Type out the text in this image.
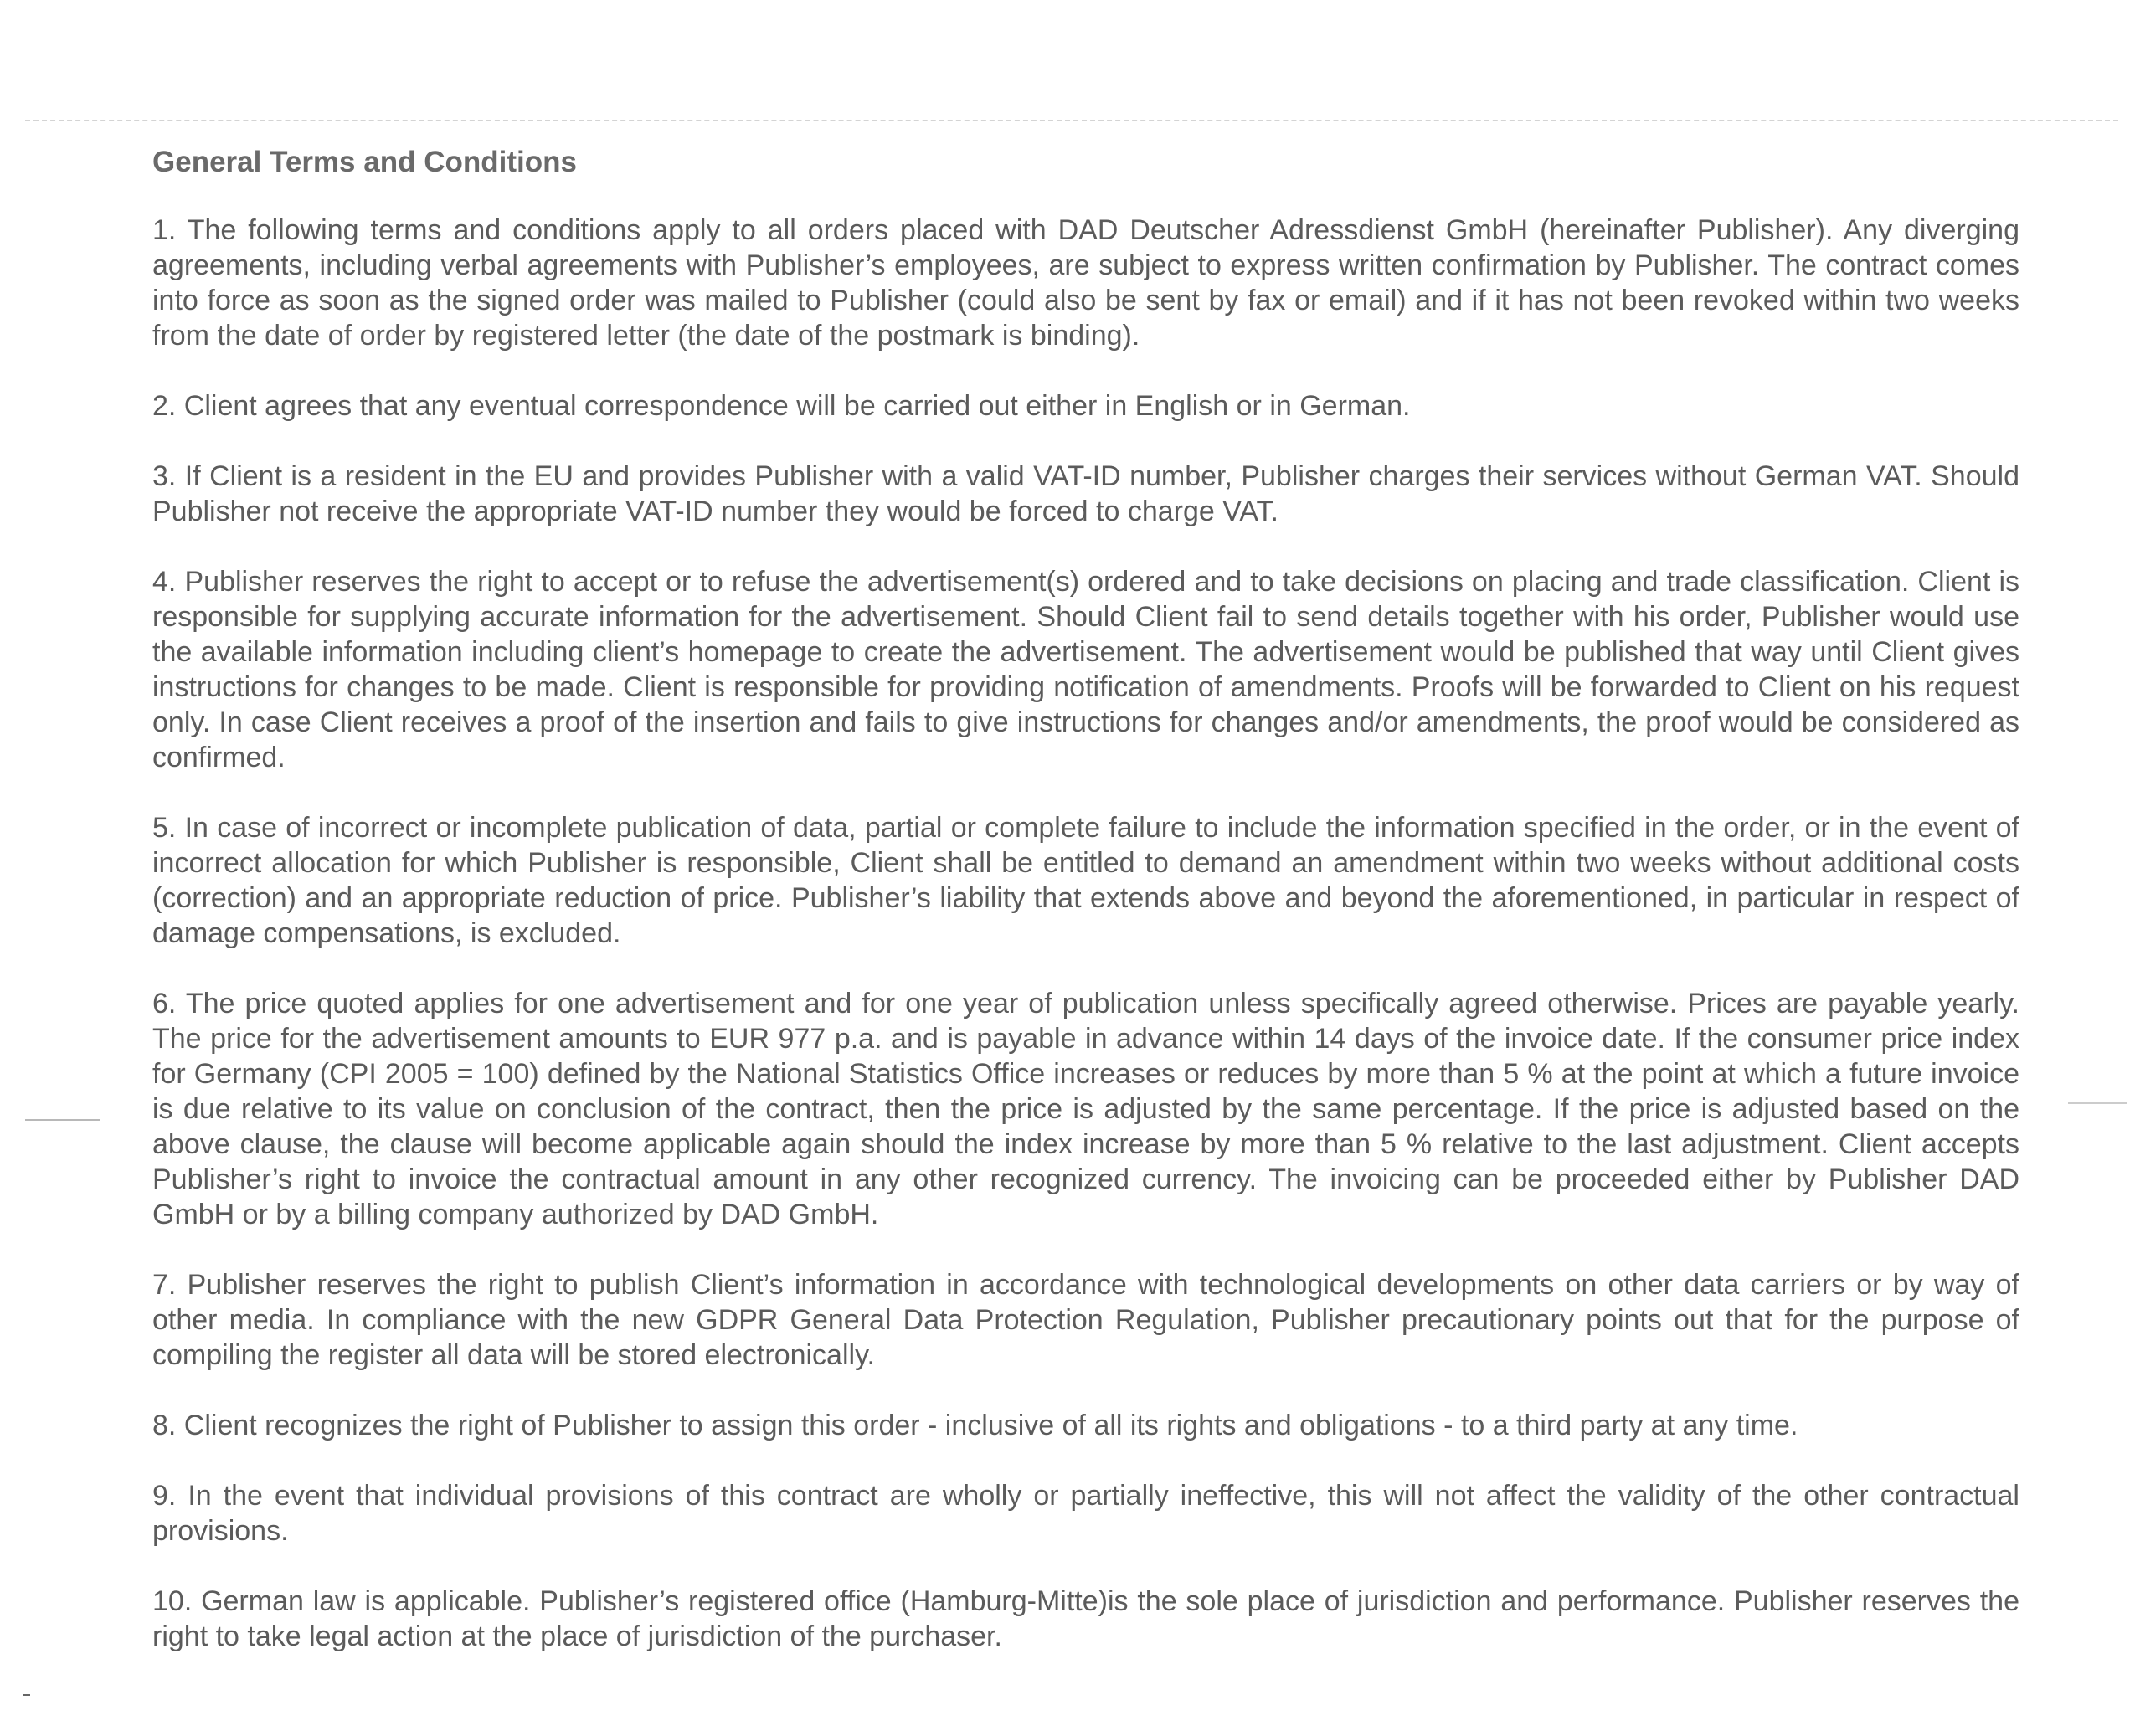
General Terms and Conditions

1. The following terms and conditions apply to all orders placed with DAD Deutscher Adressdienst GmbH (hereinafter Publisher). Any diverging agreements, including verbal agreements with Publisher’s employees, are subject to express written confirmation by Publisher. The contract comes into force as soon as the signed order was mailed to Publisher (could also be sent by fax or email) and if it has not been revoked within two weeks from the date of order by registered letter (the date of the postmark is binding).

2. Client agrees that any eventual correspondence will be carried out either in English or in German.

3. If Client is a resident in the EU and provides Publisher with a valid VAT-ID number, Publisher charges their services without German VAT. Should Publisher not receive the appropriate VAT-ID number they would be forced to charge VAT.

4. Publisher reserves the right to accept or to refuse the advertisement(s) ordered and to take decisions on placing and trade classification. Client is responsible for supplying accurate information for the advertisement. Should Client fail to send details together with his order, Publisher would use the available information including client’s homepage to create the advertisement. The advertisement would be published that way until Client gives instructions for changes to be made. Client is responsible for providing notification of amendments. Proofs will be forwarded to Client on his request only. In case Client receives a proof of the insertion and fails to give instructions for changes and/or amendments, the proof would be considered as confirmed.

5. In case of incorrect or incomplete publication of data, partial or complete failure to include the information specified in the order, or in the event of incorrect allocation for which Publisher is responsible, Client shall be entitled to demand an amendment within two weeks without additional costs (correction) and an appropriate reduction of price. Publisher’s liability that extends above and beyond the aforementioned, in particular in respect of damage compensations, is excluded.

6. The price quoted applies for one advertisement and for one year of publication unless specifically agreed otherwise. Prices are payable yearly. The price for the advertisement amounts to EUR 977 p.a. and is payable in advance within 14 days of the invoice date. If the consumer price index for Germany (CPI 2005 = 100) defined by the National Statistics Office increases or reduces by more than 5 % at the point at which a future invoice is due relative to its value on conclusion of the contract, then the price is adjusted by the same percentage. If the price is adjusted based on the above clause, the clause will become applicable again should the index increase by more than 5 % relative to the last adjustment. Client accepts Publisher’s right to invoice the contractual amount in any other recognized currency. The invoicing can be proceeded either by Publisher DAD GmbH or by a billing company authorized by DAD GmbH.

7. Publisher reserves the right to publish Client’s information in accordance with technological developments on other data carriers or by way of other media. In compliance with the new GDPR General Data Protection Regulation, Publisher precautionary points out that for the purpose of compiling the register all data will be stored electronically.

8. Client recognizes the right of Publisher to assign this order - inclusive of all its rights and obligations - to a third party at any time.

9. In the event that individual provisions of this contract are wholly or partially ineffective, this will not affect the validity of the other contractual provisions.

10. German law is applicable. Publisher’s registered office (Hamburg-Mitte)is the sole place of jurisdiction and performance. Publisher reserves the right to take legal action at the place of jurisdiction of the purchaser.
